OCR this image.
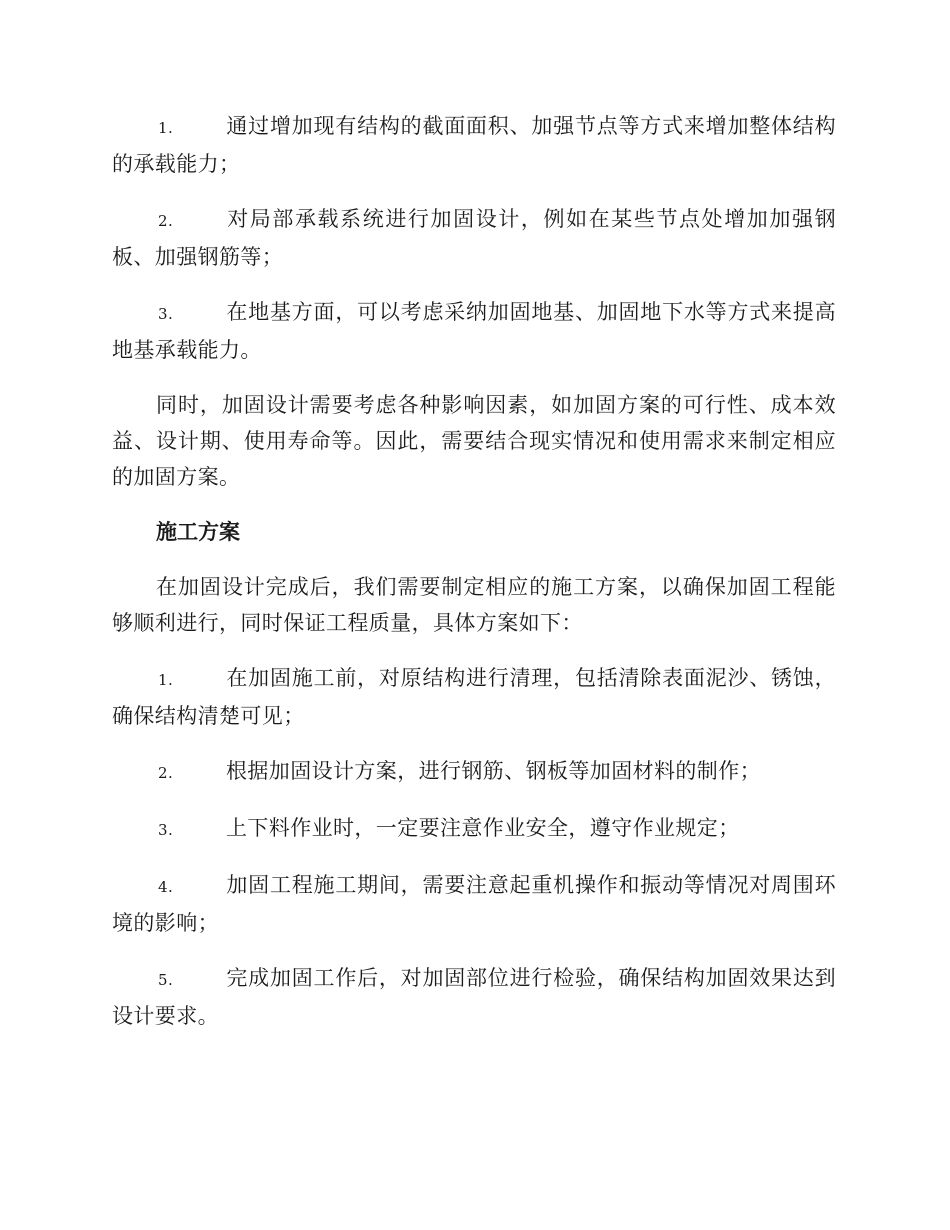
1.	通过增加现有结构的截面面积、加强节点等方式来增加整体结构的承载能力；
2.	对局部承载系统进行加固设计，例如在某些节点处增加加强钢板、加强钢筋等；
3.	在地基方面，可以考虑采纳加固地基、加固地下水等方式来提高地基承载能力。

同时，加固设计需要考虑各种影响因素，如加固方案的可行性、成本效益、设计期、使用寿命等。因此，需要结合现实情况和使用需求来制定相应的加固方案。

施工方案

在加固设计完成后，我们需要制定相应的施工方案，以确保加固工程能够顺利进行，同时保证工程质量，具体方案如下：

1.	在加固施工前，对原结构进行清理，包括清除表面泥沙、锈蚀，确保结构清楚可见；
2.	根据加固设计方案，进行钢筋、钢板等加固材料的制作；
3.	上下料作业时，一定要注意作业安全，遵守作业规定；
4.	加固工程施工期间，需要注意起重机操作和振动等情况对周围环境的影响；
5.	完成加固工作后，对加固部位进行检验，确保结构加固效果达到设计要求。
